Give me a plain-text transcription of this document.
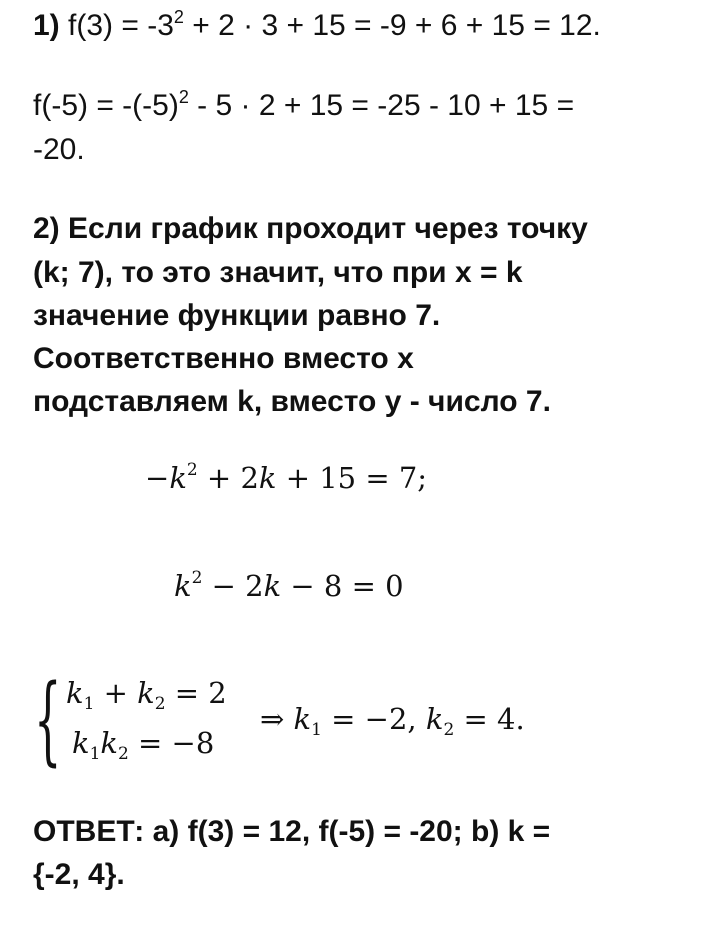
1) $f(3) = -3^2 + 2 \cdot 3 + 15 = -9 + 6 + 15 = 12$.
$f(-5) = -(-5)^2 - 5 \cdot 2 + 15 = -25 - 10 + 15$ =
-20.
2) Если график проходит через точку
(k; 7), то это значит, что при х = k
значение функции равно 7.
Соответственно вместо х
подставляем k, вместо у - число 7.
$-k^2 + 2k + 15 = 7$;
$k^2 - 2k - 8 = 0$
{ $k_1 + k_2 = 2$
$k_1k_2 = -8$
⇒ $k_1 = -2$, $k_2 = 4$.
ОТВЕТ: а) f(3) = 12, f(-5) = -20; b) k =
{-2, 4}.
